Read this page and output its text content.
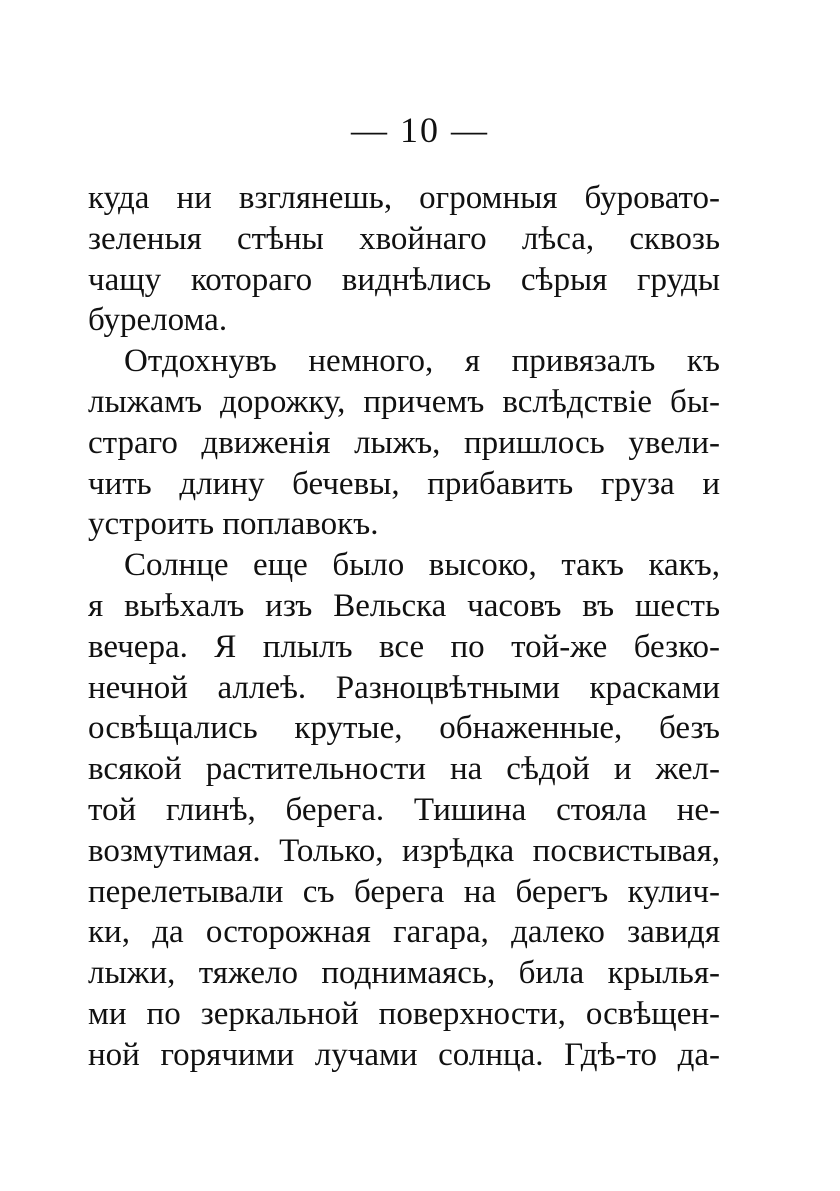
— 10 —
куда ни взглянешь, огромныя буровато-
зеленыя стѣны хвойнаго лѣса, сквозь
чащу котораго виднѣлись сѣрыя груды
бурелома.
Отдохнувъ немного, я привязалъ къ
лыжамъ дорожку, причемъ вслѣдствіе бы-
страго движенія лыжъ, пришлось увели-
чить длину бечевы, прибавить груза и
устроить поплавокъ.
Солнце еще было высоко, такъ какъ,
я выѣхалъ изъ Вельска часовъ въ шесть
вечера. Я плылъ все по той-же безко-
нечной аллеѣ. Разноцвѣтными красками
освѣщались крутые, обнаженные, безъ
всякой растительности на сѣдой и жел-
той глинѣ, берега. Тишина стояла не-
возмутимая. Только, изрѣдка посвистывая,
перелетывали съ берега на берегъ кулич-
ки, да осторожная гагара, далеко завидя
лыжи, тяжело поднимаясь, била крылья-
ми по зеркальной поверхности, освѣщен-
ной горячими лучами солнца. Гдѣ-то да-
